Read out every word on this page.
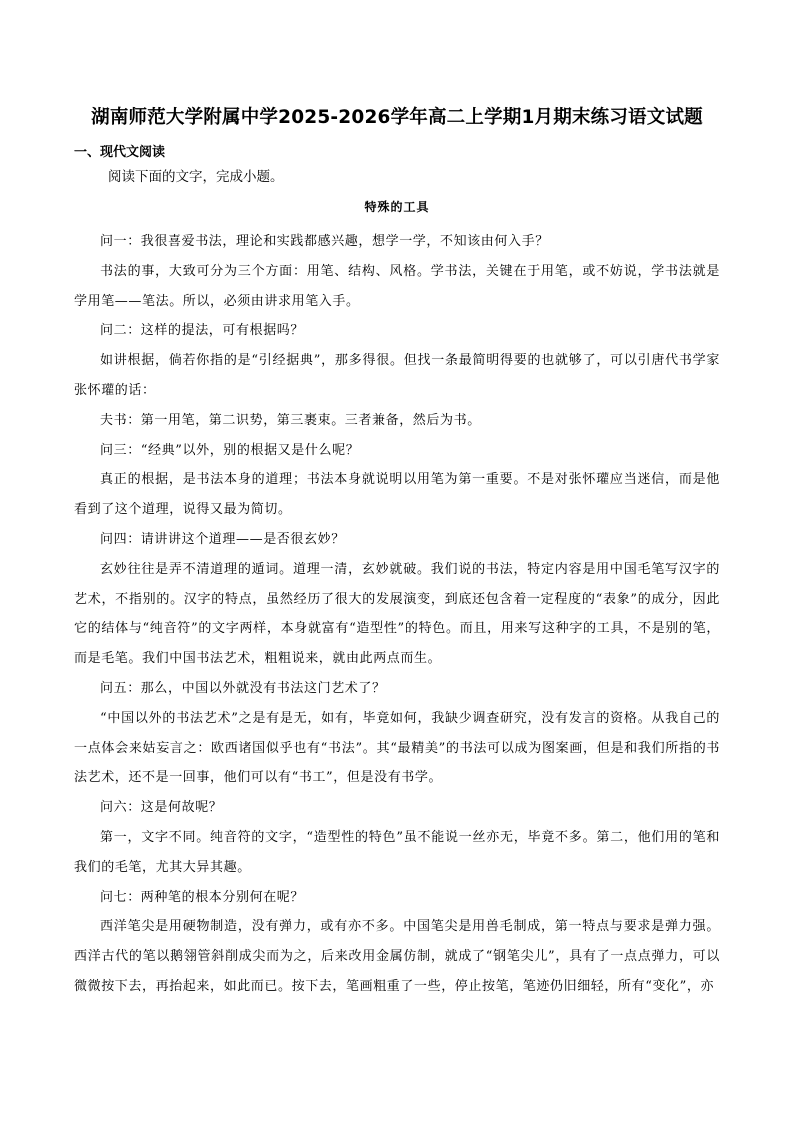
湖南师范大学附属中学2025-2026学年高二上学期1月期末练习语文试题
一、现代文阅读
阅读下面的文字，完成小题。
特殊的工具

问一：我很喜爱书法，理论和实践都感兴趣，想学一学，不知该由何入手？

书法的事，大致可分为三个方面：用笔、结构、风格。学书法，关键在于用笔，或不妨说，学书法就是学用笔——笔法。所以，必须由讲求用笔入手。

问二：这样的提法，可有根据吗？

如讲根据，倘若你指的是“引经据典”，那多得很。但找一条最简明得要的也就够了，可以引唐代书学家张怀瓘的话：

夫书：第一用笔，第二识势，第三裹束。三者兼备，然后为书。

问三：“经典”以外，别的根据又是什么呢？

真正的根据，是书法本身的道理；书法本身就说明以用笔为第一重要。不是对张怀瓘应当迷信，而是他看到了这个道理，说得又最为简切。

问四：请讲讲这个道理——是否很玄妙？

玄妙往往是弄不清道理的遁词。道理一清，玄妙就破。我们说的书法，特定内容是用中国毛笔写汉字的艺术，不指别的。汉字的特点，虽然经历了很大的发展演变，到底还包含着一定程度的“表象”的成分，因此它的结体与“纯音符”的文字两样，本身就富有“造型性”的特色。而且，用来写这种字的工具，不是别的笔，而是毛笔。我们中国书法艺术，粗粗说来，就由此两点而生。

问五：那么，中国以外就没有书法这门艺术了？

“中国以外的书法艺术”之是有是无，如有，毕竟如何，我缺少调查研究，没有发言的资格。从我自己的一点体会来姑妄言之：欧西诸国似乎也有“书法”。其“最精美”的书法可以成为图案画，但是和我们所指的书法艺术，还不是一回事，他们可以有“书工”，但是没有书学。

问六：这是何故呢？

第一，文字不同。纯音符的文字，“造型性的特色”虽不能说一丝亦无，毕竟不多。第二，他们用的笔和我们的毛笔，尤其大异其趣。

问七：两种笔的根本分别何在呢？

西洋笔尖是用硬物制造，没有弹力，或有亦不多。中国笔尖是用兽毛制成，第一特点与要求是弹力强。西洋古代的笔以鹅翎管斜削成尖而为之，后来改用金属仿制，就成了“钢笔尖儿”，具有了一点点弹力，可以微微按下去，再抬起来，如此而已。按下去，笔画粗重了一些，停止按笔，笔迹仍旧细轻，所有“变化”，亦
